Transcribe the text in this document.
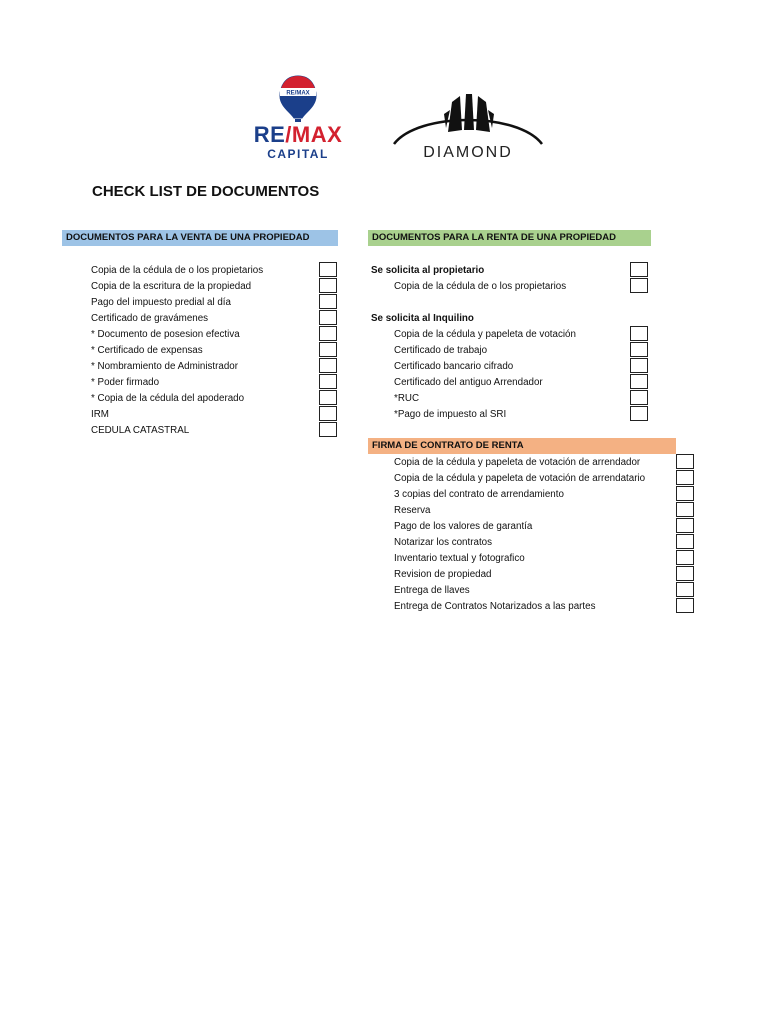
RE/MAX
RE/MAX
CAPITAL	DIAMOND
CHECK LIST DE DOCUMENTOS
DOCUMENTOS PARA LA VENTA DE UNA PROPIEDAD
Copia de la cédula de o los propietarios
Copia de la escritura de la propiedad
Pago del impuesto predial al día
Certificado de gravámenes
* Documento de posesion efectiva
* Certificado de expensas
* Nombramiento de Administrador
* Poder firmado
* Copia de la cédula del apoderado
IRM
CEDULA CATASTRAL
DOCUMENTOS PARA LA RENTA DE UNA PROPIEDAD
Se solicita al propietario
Copia de la cédula de o los propietarios
Se solicita al Inquilino
Copia de la cédula y papeleta de votación
Certificado de trabajo
Certificado bancario cifrado
Certificado del antiguo Arrendador
*RUC
*Pago de impuesto al SRI
FIRMA DE CONTRATO DE RENTA
Copia de la cédula y papeleta de votación de arrendador
Copia de la cédula y papeleta de votación de arrendatario
3 copias del contrato de arrendamiento
Reserva
Pago de los valores de garantía
Notarizar los contratos
Inventario textual y fotografico
Revision de propiedad
Entrega de llaves
Entrega de Contratos Notarizados a las partes
